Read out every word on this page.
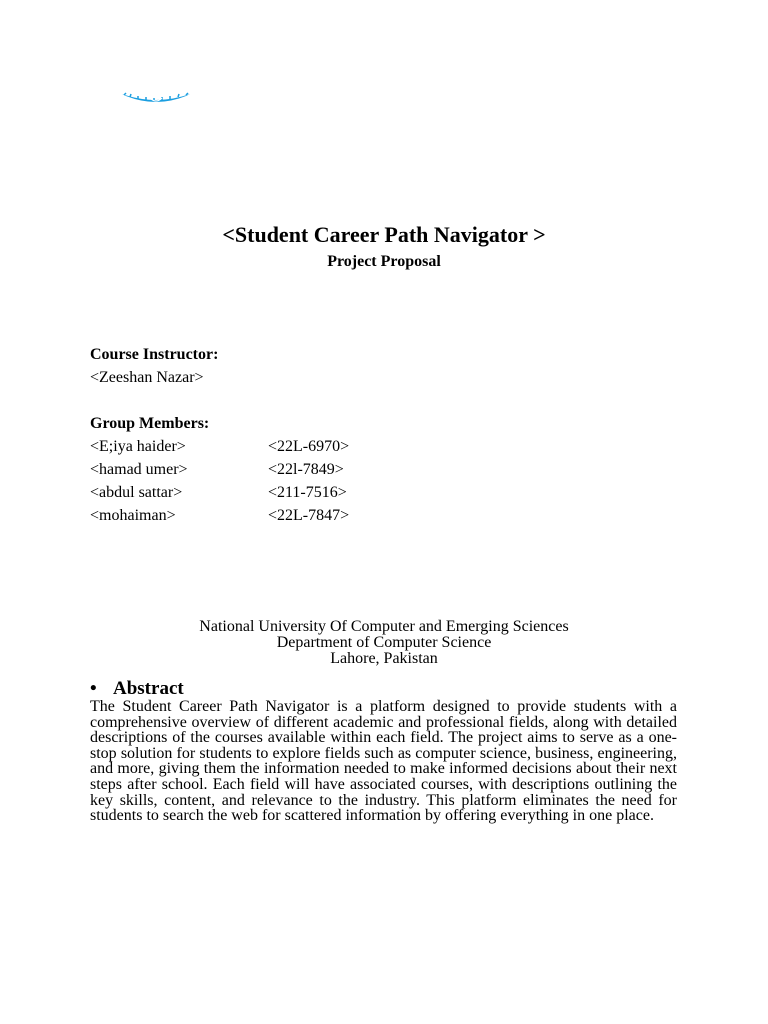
<Student Career Path Navigator >
Project Proposal
Course Instructor:
<Zeeshan Nazar>
Group Members:
<E;iya haider>	<22L-6970>
<hamad umer>	<22l-7849>
<abdul sattar>	<211-7516>
<mohaiman>	<22L-7847>
National University Of Computer and Emerging Sciences
Department of Computer Science
Lahore, Pakistan
• Abstract
The Student Career Path Navigator is a platform designed to provide students with a comprehensive overview of different academic and professional fields, along with detailed descriptions of the courses available within each field. The project aims to serve as a one-stop solution for students to explore fields such as computer science, business, engineering, and more, giving them the information needed to make informed decisions about their next steps after school. Each field will have associated courses, with descriptions outlining the key skills, content, and relevance to the industry. This platform eliminates the need for students to search the web for scattered information by offering everything in one place.
